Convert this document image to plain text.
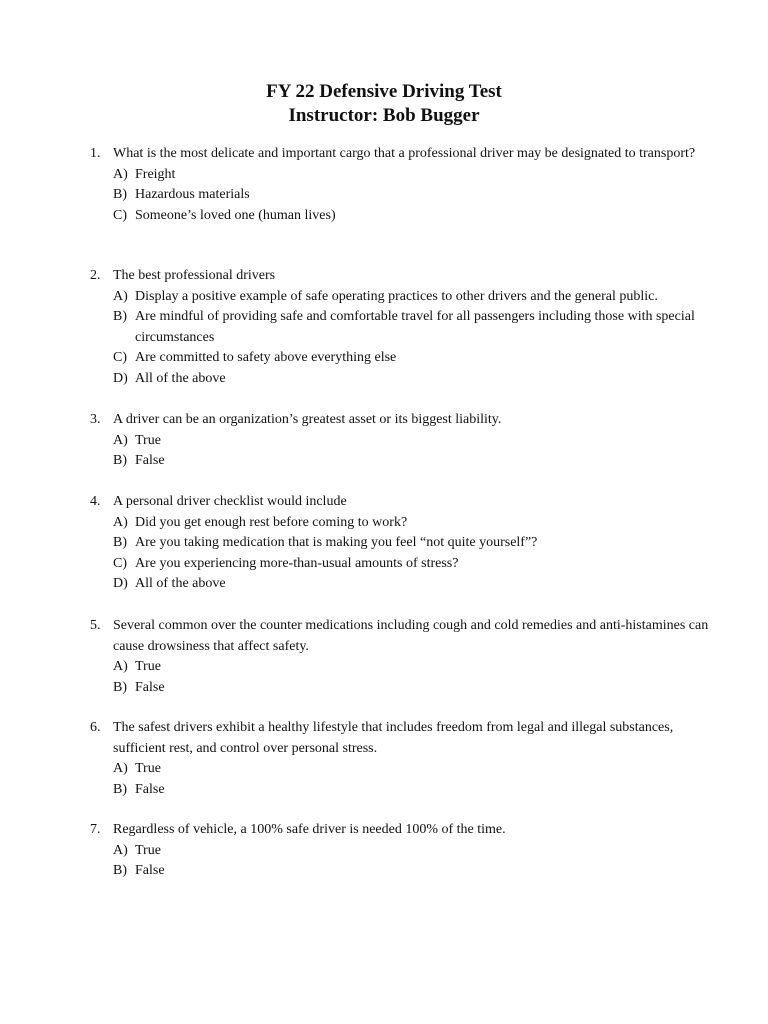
FY 22 Defensive Driving Test
Instructor: Bob Bugger
1. What is the most delicate and important cargo that a professional driver may be designated to transport?
A) Freight
B) Hazardous materials
C) Someone’s loved one (human lives)
2. The best professional drivers
A) Display a positive example of safe operating practices to other drivers and the general public.
B) Are mindful of providing safe and comfortable travel for all passengers including those with special circumstances
C) Are committed to safety above everything else
D) All of the above
3. A driver can be an organization’s greatest asset or its biggest liability.
A) True
B) False
4. A personal driver checklist would include
A) Did you get enough rest before coming to work?
B) Are you taking medication that is making you feel “not quite yourself”?
C) Are you experiencing more-than-usual amounts of stress?
D) All of the above
5. Several common over the counter medications including cough and cold remedies and anti-histamines can cause drowsiness that affect safety.
A) True
B) False
6. The safest drivers exhibit a healthy lifestyle that includes freedom from legal and illegal substances, sufficient rest, and control over personal stress.
A) True
B) False
7. Regardless of vehicle, a 100% safe driver is needed 100% of the time.
A) True
B) False
